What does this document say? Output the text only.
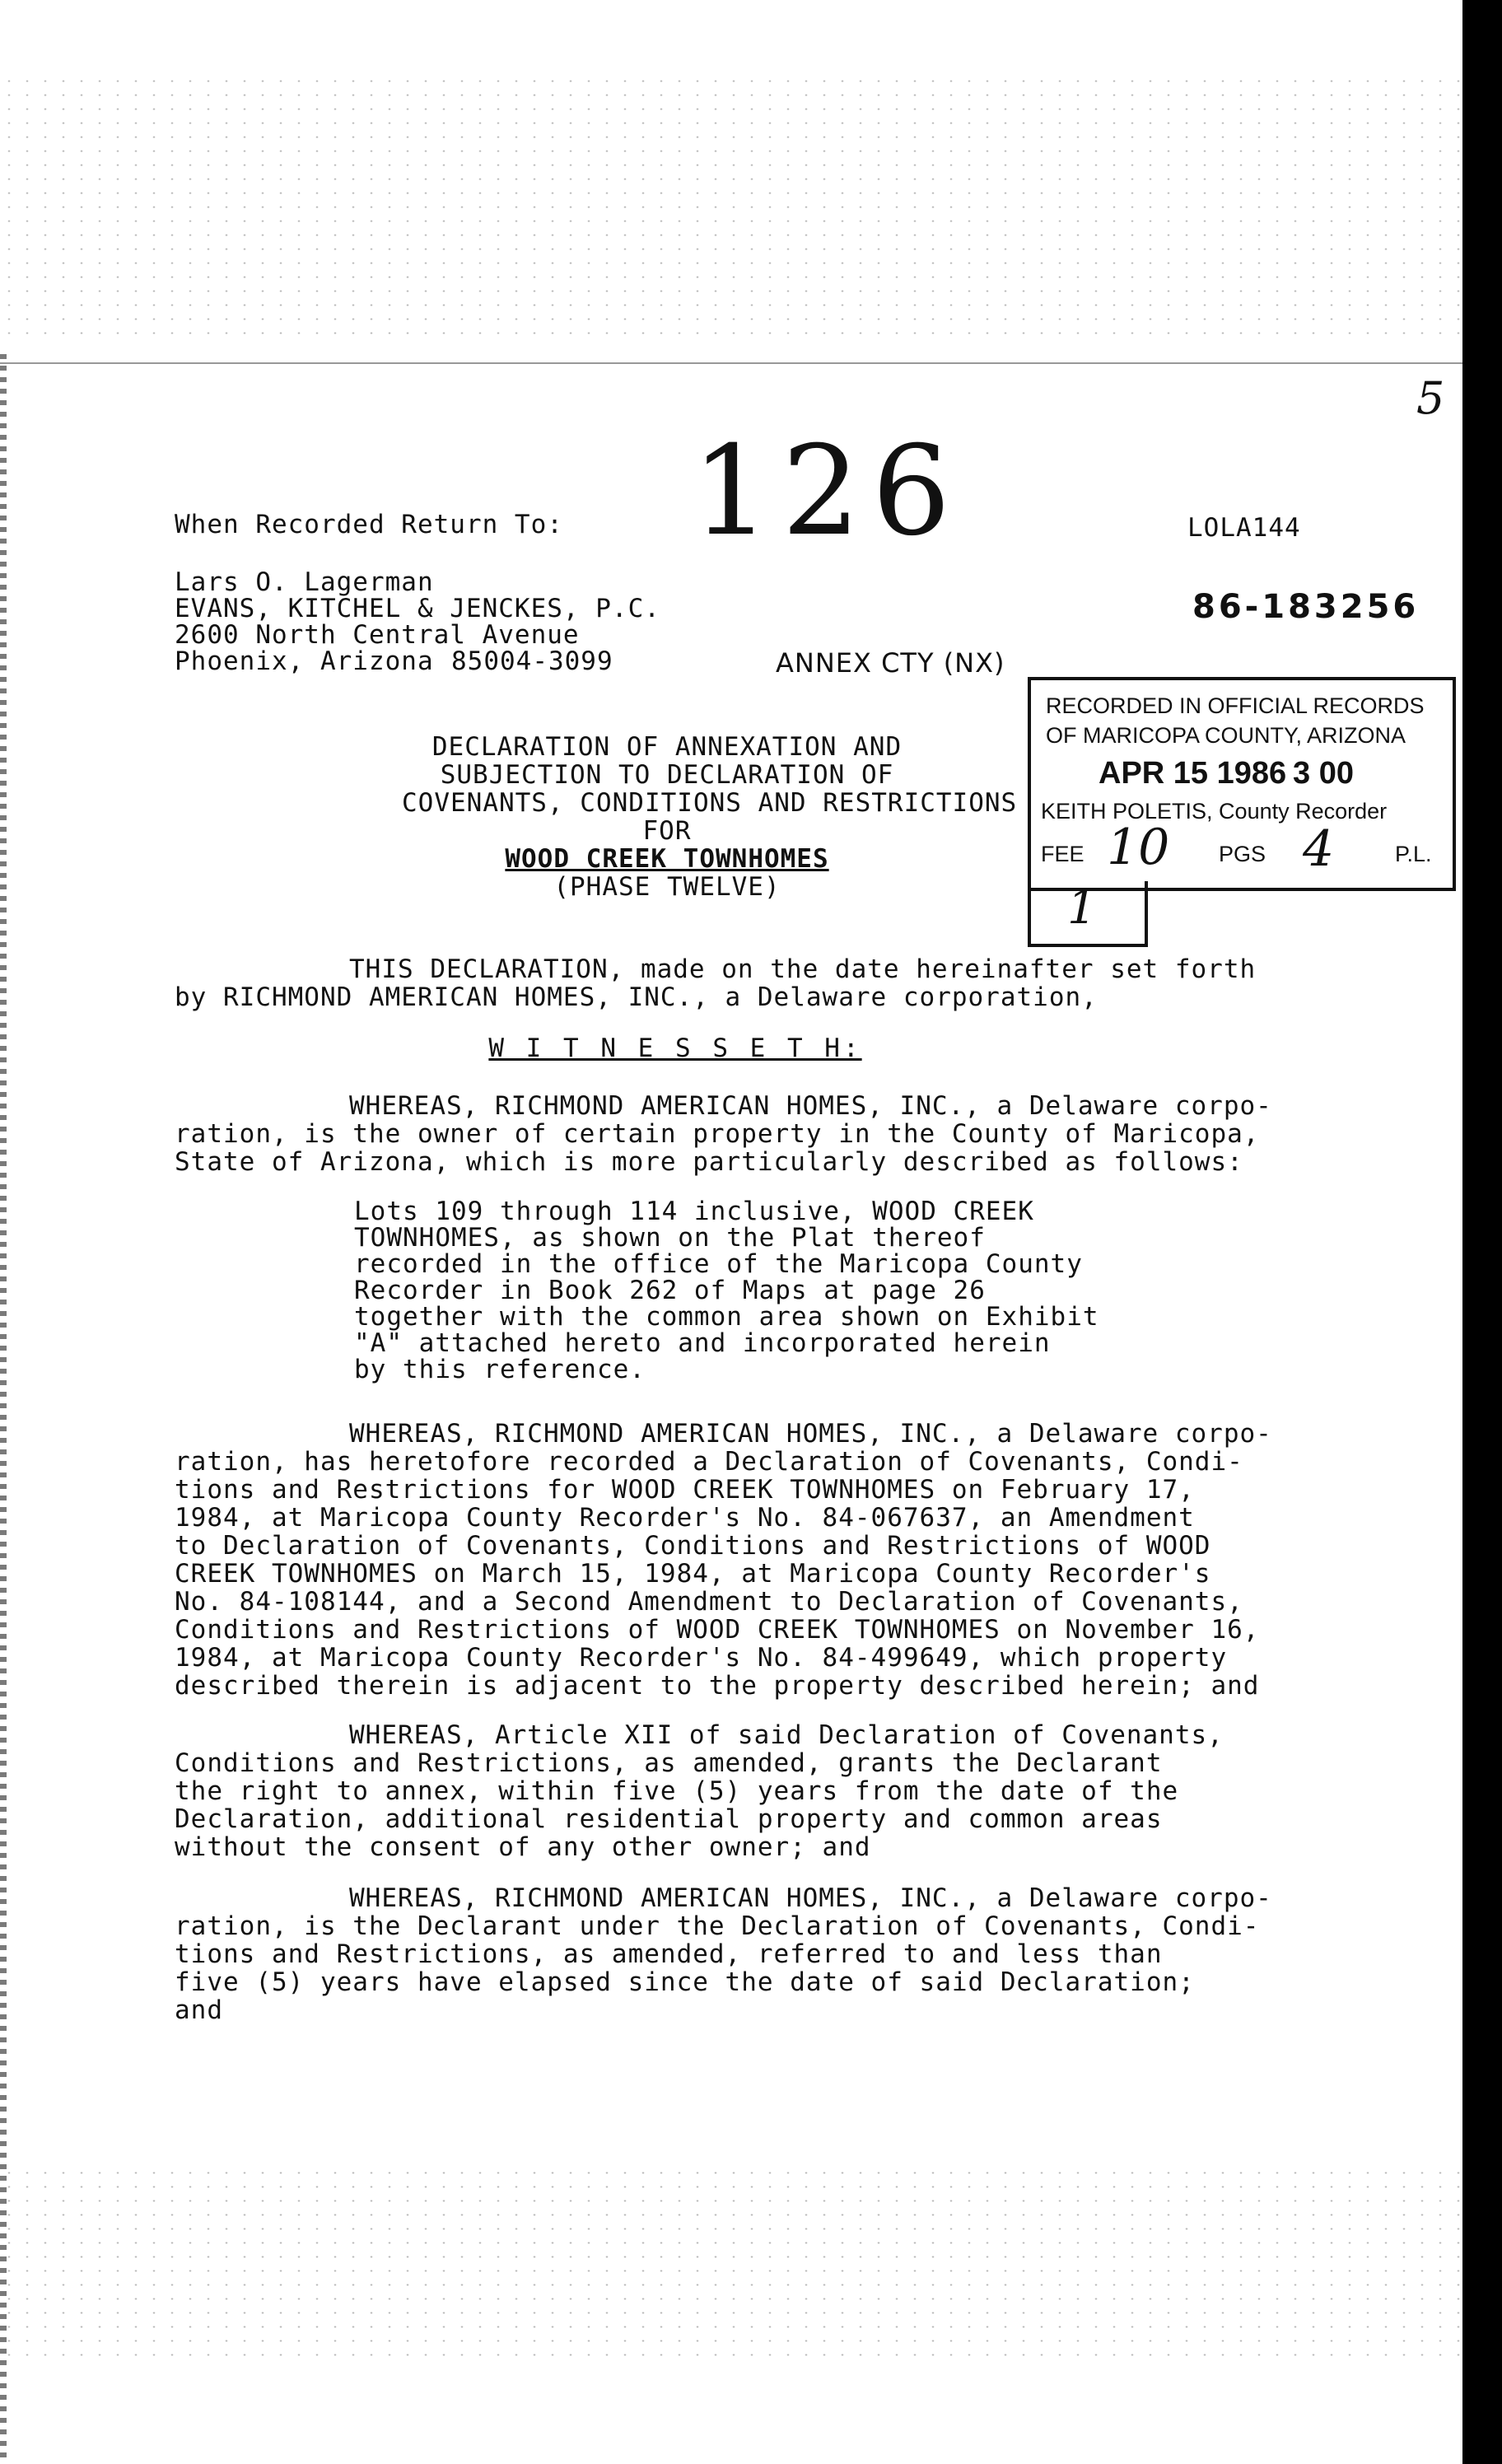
5
126
When Recorded Return To:	LOLA144
Lars O. Lagerman
EVANS, KITCHEL & JENCKES, P.C.
2600 North Central Avenue
Phoenix, Arizona 85004-3099
86-183256
ANNEX CTY (NX)
RECORDED IN OFFICIAL RECORDS
OF MARICOPA COUNTY, ARIZONA
APR 15 1986 3 00
KEITH POLETIS, County Recorder
FEE 10 PGS 4	P.L.
1
DECLARATION OF ANNEXATION AND
SUBJECTION TO DECLARATION OF
COVENANTS, CONDITIONS AND RESTRICTIONS
FOR
WOOD CREEK TOWNHOMES
(PHASE TWELVE)
THIS DECLARATION, made on the date hereinafter set forth
by RICHMOND AMERICAN HOMES, INC., a Delaware corporation,
W I T N E S S E T H:
WHEREAS, RICHMOND AMERICAN HOMES, INC., a Delaware corpo-
ration, is the owner of certain property in the County of Maricopa,
State of Arizona, which is more particularly described as follows:
Lots 109 through 114 inclusive, WOOD CREEK
TOWNHOMES, as shown on the Plat thereof
recorded in the office of the Maricopa County
Recorder in Book 262 of Maps at page 26
together with the common area shown on Exhibit
"A" attached hereto and incorporated herein
by this reference.
WHEREAS, RICHMOND AMERICAN HOMES, INC., a Delaware corpo-
ration, has heretofore recorded a Declaration of Covenants, Condi-
tions and Restrictions for WOOD CREEK TOWNHOMES on February 17,
1984, at Maricopa County Recorder's No. 84-067637, an Amendment
to Declaration of Covenants, Conditions and Restrictions of WOOD
CREEK TOWNHOMES on March 15, 1984, at Maricopa County Recorder's
No. 84-108144, and a Second Amendment to Declaration of Covenants,
Conditions and Restrictions of WOOD CREEK TOWNHOMES on November 16,
1984, at Maricopa County Recorder's No. 84-499649, which property
described therein is adjacent to the property described herein; and
WHEREAS, Article XII of said Declaration of Covenants,
Conditions and Restrictions, as amended, grants the Declarant
the right to annex, within five (5) years from the date of the
Declaration, additional residential property and common areas
without the consent of any other owner; and
WHEREAS, RICHMOND AMERICAN HOMES, INC., a Delaware corpo-
ration, is the Declarant under the Declaration of Covenants, Condi-
tions and Restrictions, as amended, referred to and less than
five (5) years have elapsed since the date of said Declaration;
and
